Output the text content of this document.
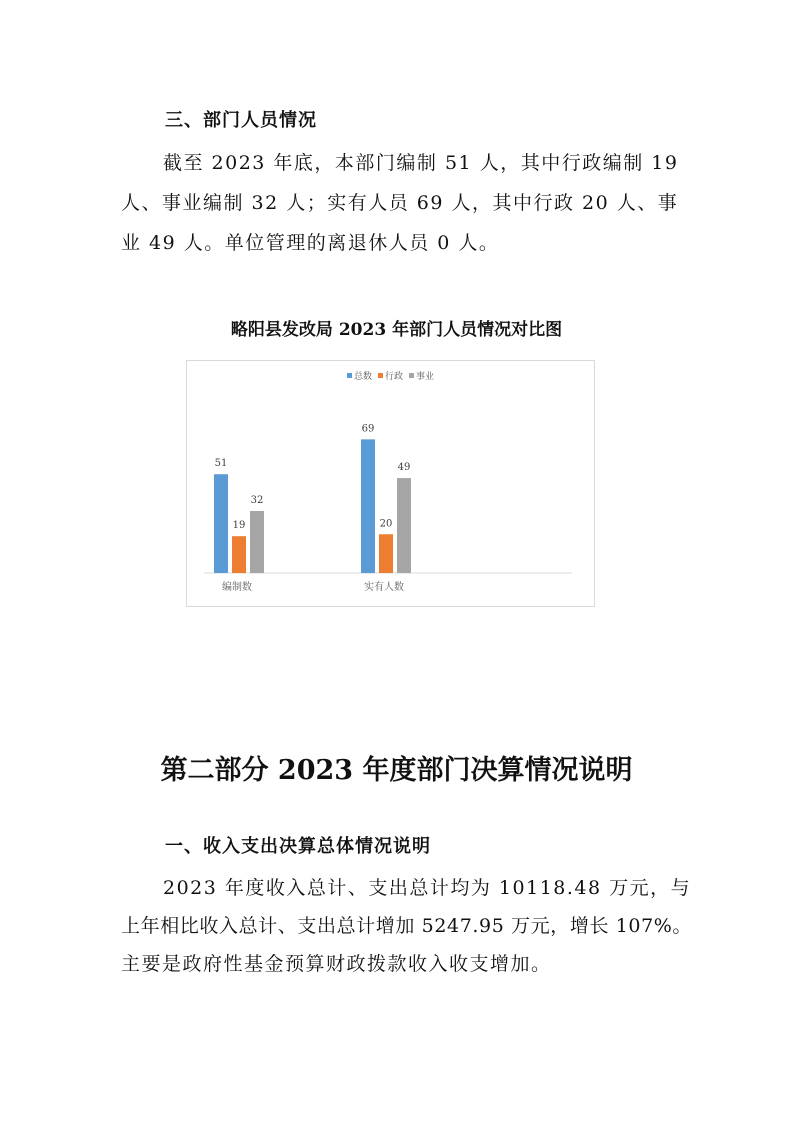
三、部门人员情况
截至 2023 年底，本部门编制 51 人，其中行政编制 19
人、事业编制 32 人；实有人员 69 人，其中行政 20 人、事
业 49 人。单位管理的离退休人员 0 人。
略阳县发改局 2023 年部门人员情况对比图
总数 行政 事业
51
19
32
编制数
69
20
49
实有人数
第二部分 2023 年度部门决算情况说明
一、收入支出决算总体情况说明
2023 年度收入总计、支出总计均为 10118.48 万元，与
上年相比收入总计、支出总计增加 5247.95 万元，增长 107%。
主要是政府性基金预算财政拨款收入收支增加。
